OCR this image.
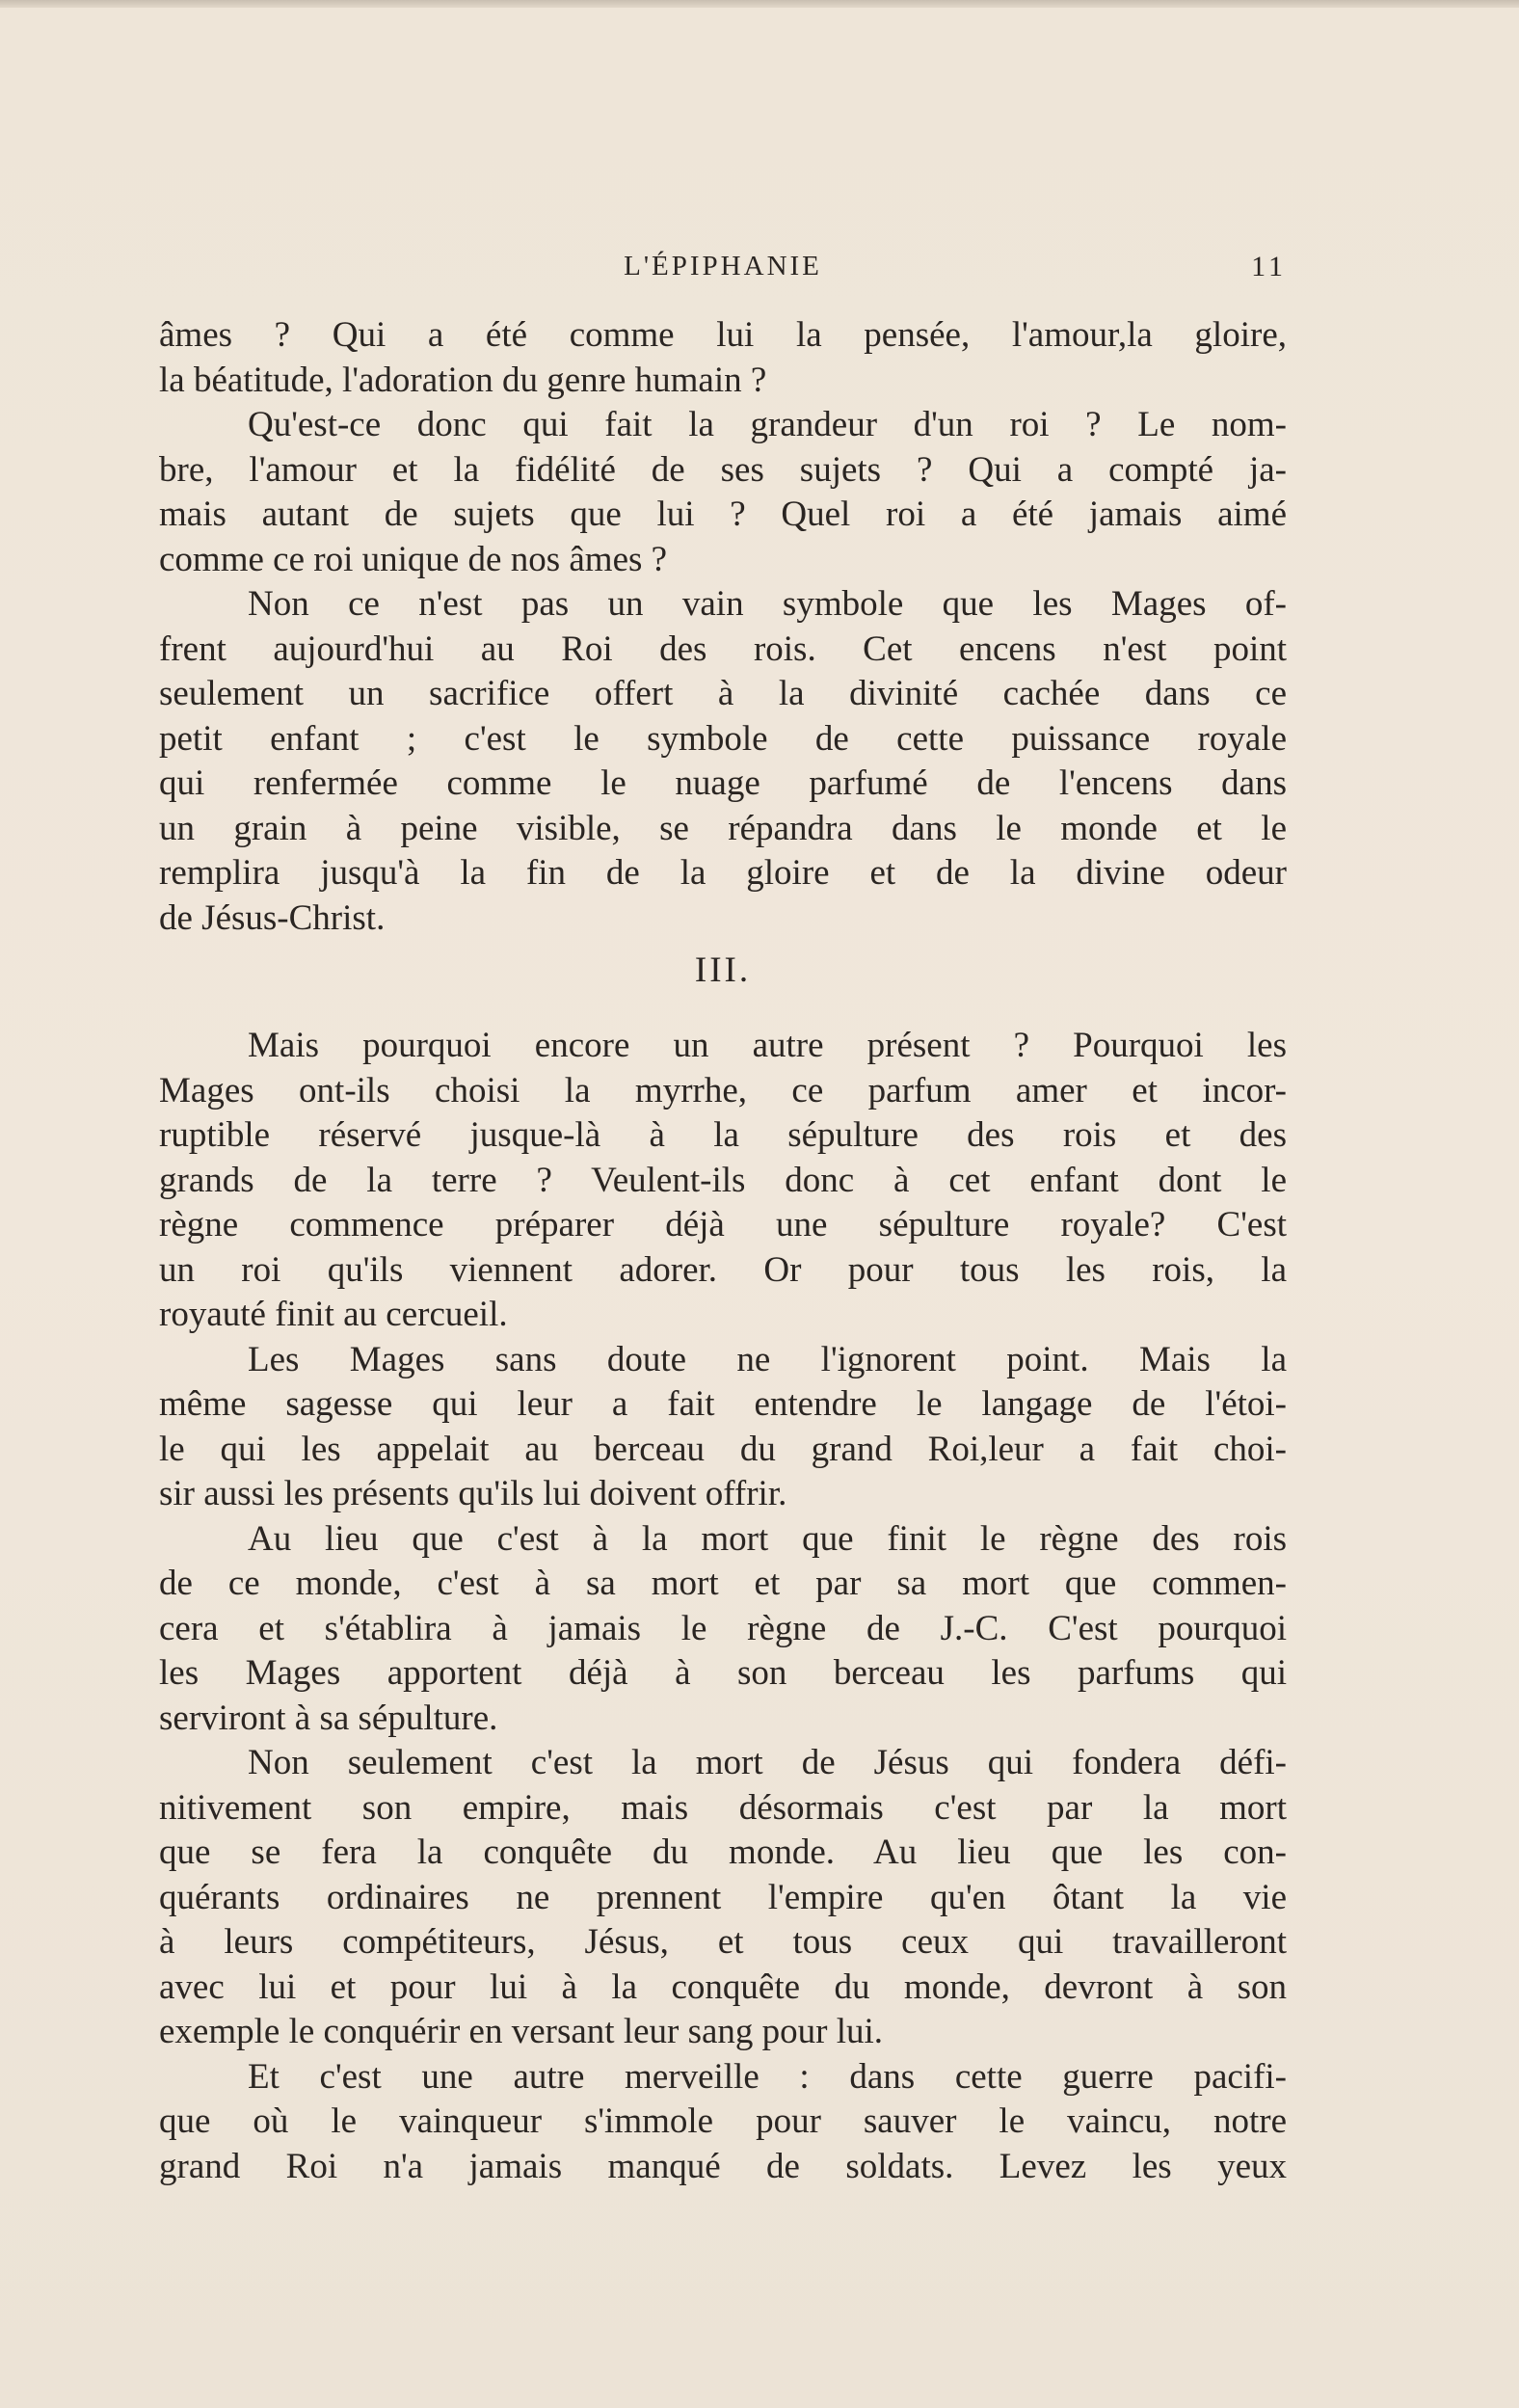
L'ÉPIPHANIE	11
âmes ? Qui a été comme lui la pensée, l'amour,la gloire,
la béatitude, l'adoration du genre humain ?
Qu'est-ce donc qui fait la grandeur d'un roi ? Le nom-
bre, l'amour et la fidélité de ses sujets ? Qui a compté ja-
mais autant de sujets que lui ? Quel roi a été jamais aimé
comme ce roi unique de nos âmes ?
Non ce n'est pas un vain symbole que les Mages of-
frent aujourd'hui au Roi des rois. Cet encens n'est point
seulement un sacrifice offert à la divinité cachée dans ce
petit enfant ; c'est le symbole de cette puissance royale
qui renfermée comme le nuage parfumé de l'encens dans
un grain à peine visible, se répandra dans le monde et le
remplira jusqu'à la fin de la gloire et de la divine odeur
de Jésus-Christ.
III.
Mais pourquoi encore un autre présent ? Pourquoi les
Mages ont-ils choisi la myrrhe, ce parfum amer et incor-
ruptible réservé jusque-là à la sépulture des rois et des
grands de la terre ? Veulent-ils donc à cet enfant dont le
règne commence préparer déjà une sépulture royale? C'est
un roi qu'ils viennent adorer. Or pour tous les rois, la
royauté finit au cercueil.
Les Mages sans doute ne l'ignorent point. Mais la
même sagesse qui leur a fait entendre le langage de l'étoi-
le qui les appelait au berceau du grand Roi,leur a fait choi-
sir aussi les présents qu'ils lui doivent offrir.
Au lieu que c'est à la mort que finit le règne des rois
de ce monde, c'est à sa mort et par sa mort que commen-
cera et s'établira à jamais le règne de J.-C. C'est pourquoi
les Mages apportent déjà à son berceau les parfums qui
serviront à sa sépulture.
Non seulement c'est la mort de Jésus qui fondera défi-
nitivement son empire, mais désormais c'est par la mort
que se fera la conquête du monde. Au lieu que les con-
quérants ordinaires ne prennent l'empire qu'en ôtant la vie
à leurs compétiteurs, Jésus, et tous ceux qui travailleront
avec lui et pour lui à la conquête du monde, devront à son
exemple le conquérir en versant leur sang pour lui.
Et c'est une autre merveille : dans cette guerre pacifi-
que où le vainqueur s'immole pour sauver le vaincu, notre
grand Roi n'a jamais manqué de soldats. Levez les yeux
